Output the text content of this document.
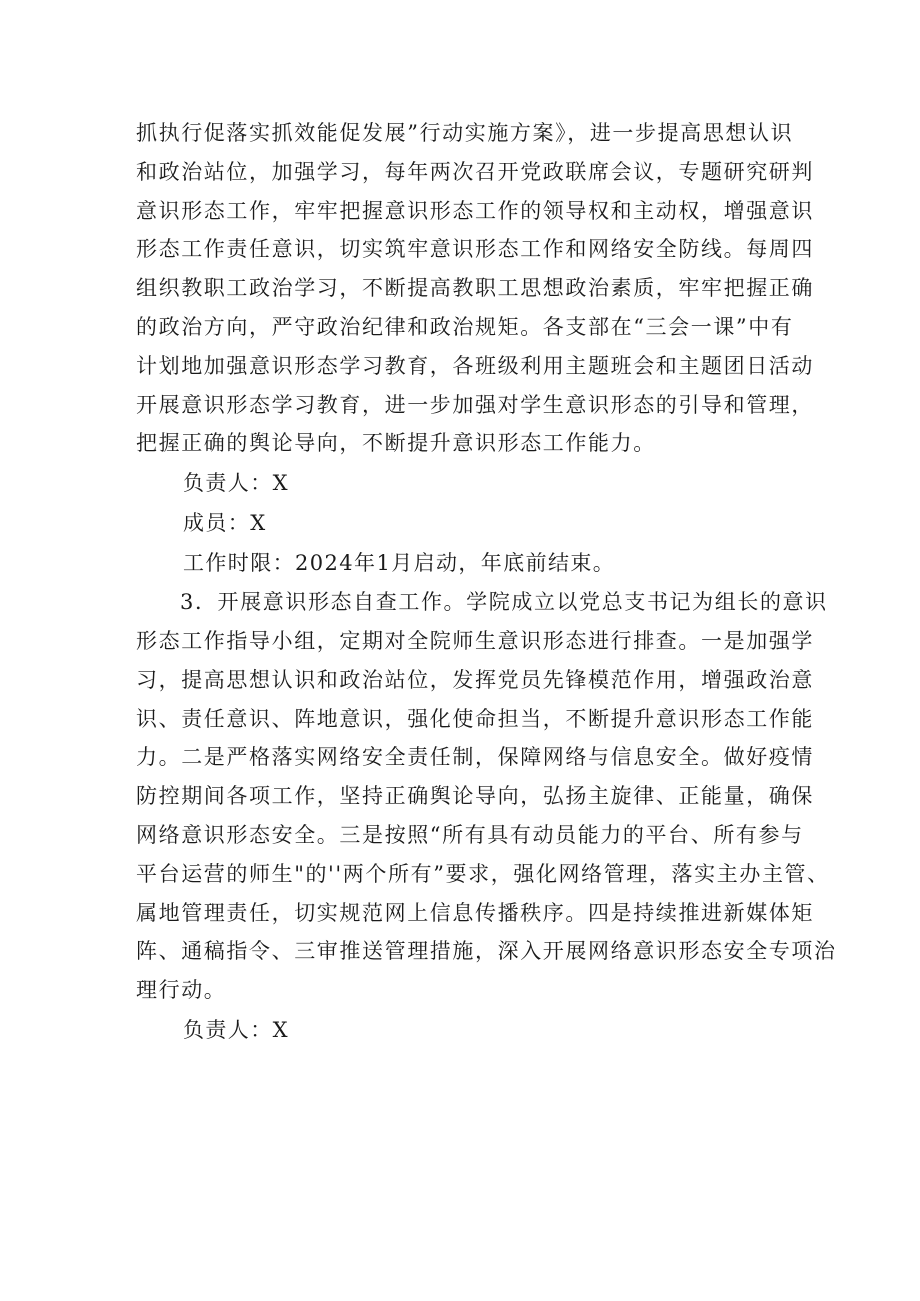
抓执行促落实抓效能促发展”行动实施方案》，进一步提高思想认识
和政治站位，加强学习，每年两次召开党政联席会议，专题研究研判
意识形态工作，牢牢把握意识形态工作的领导权和主动权，增强意识
形态工作责任意识，切实筑牢意识形态工作和网络安全防线。每周四
组织教职工政治学习，不断提高教职工思想政治素质，牢牢把握正确
的政治方向，严守政治纪律和政治规矩。各支部在“三会一课”中有
计划地加强意识形态学习教育，各班级利用主题班会和主题团日活动
开展意识形态学习教育，进一步加强对学生意识形态的引导和管理，
把握正确的舆论导向，不断提升意识形态工作能力。
负责人：X
成员：X
工作时限：2024年1月启动，年底前结束。
3．开展意识形态自查工作。学院成立以党总支书记为组长的意识
形态工作指导小组，定期对全院师生意识形态进行排查。一是加强学
习，提高思想认识和政治站位，发挥党员先锋模范作用，增强政治意
识、责任意识、阵地意识，强化使命担当，不断提升意识形态工作能
力。二是严格落实网络安全责任制，保障网络与信息安全。做好疫情
防控期间各项工作，坚持正确舆论导向，弘扬主旋律、正能量，确保
网络意识形态安全。三是按照“所有具有动员能力的平台、所有参与
平台运营的师生"的''两个所有”要求，强化网络管理，落实主办主管、
属地管理责任，切实规范网上信息传播秩序。四是持续推进新媒体矩
阵、通稿指令、三审推送管理措施，深入开展网络意识形态安全专项治
理行动。
负责人：X
